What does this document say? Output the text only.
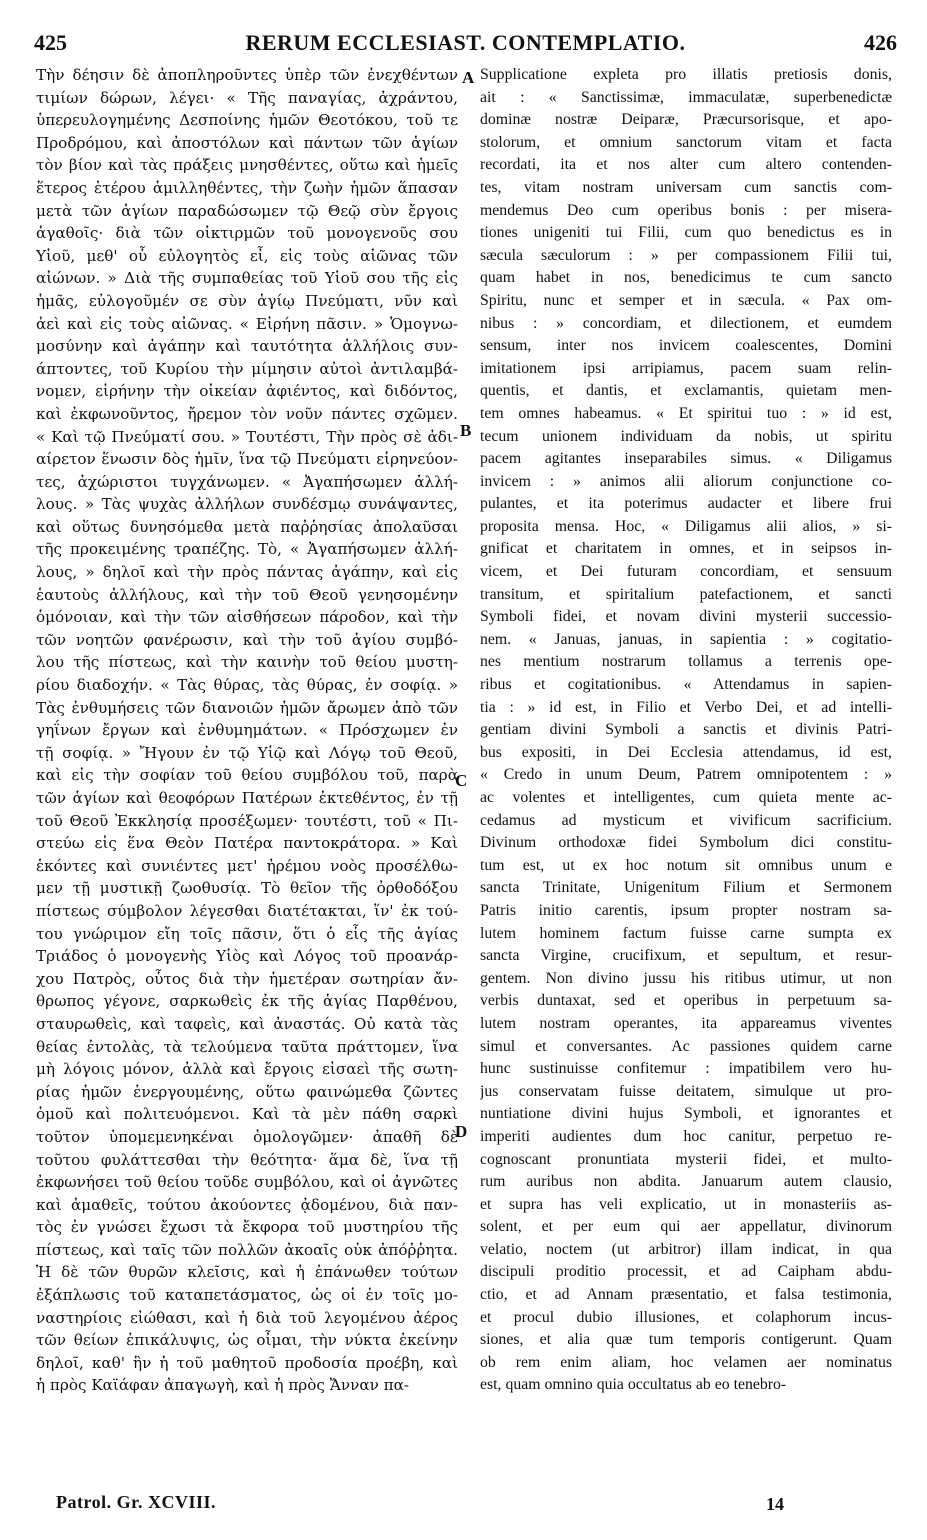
425	RERUM ECCLESIAST. CONTEMPLATIO.	426
Τὴν δέησιν δὲ ἀποπληροῦντες ὑπὲρ τῶν ἐνεχθέντων
τιμίων δώρων, λέγει· « Τῆς παναγίας, ἀχράντου,
ὑπερευλογημένης Δεσποίνης ἡμῶν Θεοτόκου, τοῦ τε
Προδρόμου, καὶ ἀποστόλων καὶ πάντων τῶν ἁγίων
τὸν βίον καὶ τὰς πράξεις μνησθέντες, οὕτω καὶ ἡμεῖς
ἕτερος ἑτέρου ἁμιλληθέντες, τὴν ζωὴν ἡμῶν ἅπασαν
μετὰ τῶν ἁγίων παραδώσωμεν τῷ Θεῷ σὺν ἔργοις
ἀγαθοῖς· διὰ τῶν οἰκτιρμῶν τοῦ μονογενοῦς σου
Υἱοῦ, μεθ' οὗ εὐλογητὸς εἶ, εἰς τοὺς αἰῶνας τῶν
αἰώνων. » Διὰ τῆς συμπαθείας τοῦ Υἱοῦ σου τῆς εἰς
ἡμᾶς, εὐλογοῦμέν σε σὺν ἁγίῳ Πνεύματι, νῦν καὶ
ἀεὶ καὶ εἰς τοὺς αἰῶνας. « Εἰρήνη πᾶσιν. » Ὁμογνω-
μοσύνην καὶ ἀγάπην καὶ ταυτότητα ἀλλήλοις συν-
άπτοντες, τοῦ Κυρίου τὴν μίμησιν αὐτοὶ ἀντιλαμβά-
νομεν, εἰρήνην τὴν οἰκείαν ἀφιέντος, καὶ διδόντος,
καὶ ἐκφωνοῦντος, ἤρεμον τὸν νοῦν πάντες σχῶμεν.
« Καὶ τῷ Πνεύματί σου. » Τουτέστι, Τὴν πρὸς σὲ ἀδι-
αίρετον ἕνωσιν δὸς ἡμῖν, ἵνα τῷ Πνεύματι εἰρηνεύον-
τες, ἀχώριστοι τυγχάνωμεν. « Ἀγαπήσωμεν ἀλλή-
λους. » Τὰς ψυχὰς ἀλλήλων συνδέσμῳ συνάψαντες,
καὶ οὕτως δυνησόμεθα μετὰ παῤῥησίας ἀπολαῦσαι
τῆς προκειμένης τραπέζης. Τὸ, « Ἀγαπήσωμεν ἀλλή-
λους, » δηλοῖ καὶ τὴν πρὸς πάντας ἀγάπην, καὶ εἰς
ἑαυτοὺς ἀλλήλους, καὶ τὴν τοῦ Θεοῦ γενησομένην
ὁμόνοιαν, καὶ τὴν τῶν αἰσθήσεων πάροδον, καὶ τὴν
τῶν νοητῶν φανέρωσιν, καὶ τὴν τοῦ ἁγίου συμβό-
λου τῆς πίστεως, καὶ τὴν καινὴν τοῦ θείου μυστη-
ρίου διαδοχήν. « Τὰς θύρας, τὰς θύρας, ἐν σοφίᾳ. »
Τὰς ἐνθυμήσεις τῶν διανοιῶν ἡμῶν ἄρωμεν ἀπὸ τῶν
γηΐνων ἔργων καὶ ἐνθυμημάτων. « Πρόσχωμεν ἐν
τῇ σοφίᾳ. » Ἤγουν ἐν τῷ Υἱῷ καὶ Λόγῳ τοῦ Θεοῦ,
καὶ εἰς τὴν σοφίαν τοῦ θείου συμβόλου τοῦ, παρὰ
τῶν ἁγίων καὶ θεοφόρων Πατέρων ἐκτεθέντος, ἐν τῇ
τοῦ Θεοῦ Ἐκκλησίᾳ προσέξωμεν· τουτέστι, τοῦ « Πι-
στεύω εἰς ἕνα Θεὸν Πατέρα παντοκράτορα. » Καὶ
ἑκόντες καὶ συνιέντες μετ' ἠρέμου νοὸς προσέλθω-
μεν τῇ μυστικῇ ζωοθυσίᾳ. Τὸ θεῖον τῆς ὀρθοδόξου
πίστεως σύμβολον λέγεσθαι διατέτακται, ἵν' ἐκ τού-
του γνώριμον εἴη τοῖς πᾶσιν, ὅτι ὁ εἷς τῆς ἁγίας
Τριάδος ὁ μονογενὴς Υἱὸς καὶ Λόγος τοῦ προανάρ-
χου Πατρὸς, οὗτος διὰ τὴν ἡμετέραν σωτηρίαν ἄν-
θρωπος γέγονε, σαρκωθεὶς ἐκ τῆς ἁγίας Παρθένου,
σταυρωθεὶς, καὶ ταφεὶς, καὶ ἀναστάς. Οὐ κατὰ τὰς
θείας ἐντολὰς, τὰ τελούμενα ταῦτα πράττομεν, ἵνα
μὴ λόγοις μόνον, ἀλλὰ καὶ ἔργοις εἰσαεὶ τῆς σωτη-
ρίας ἡμῶν ἐνεργουμένης, οὕτω φαινώμεθα ζῶντες
ὁμοῦ καὶ πολιτευόμενοι. Καὶ τὰ μὲν πάθη σαρκὶ
τοῦτον ὑπομεμενηκέναι ὁμολογῶμεν· ἀπαθῆ δὲ
τοῦτου φυλάττεσθαι τὴν θεότητα· ἅμα δὲ, ἵνα τῇ
ἐκφωνήσει τοῦ θείου τοῦδε συμβόλου, καὶ οἱ ἀγνῶτες
καὶ ἀμαθεῖς, τούτου ἀκούοντες ᾀδομένου, διὰ παν-
τὸς ἐν γνώσει ἔχωσι τὰ ἔκφορα τοῦ μυστηρίου τῆς
πίστεως, καὶ ταῖς τῶν πολλῶν ἀκοαῖς οὐκ ἀπόῤῥητα.
Ἡ δὲ τῶν θυρῶν κλεῖσις, καὶ ἡ ἐπάνωθεν τούτων
ἐξάπλωσις τοῦ καταπετάσματος, ὡς οἱ ἐν τοῖς μο-
ναστηρίοις εἰώθασι, καὶ ἡ διὰ τοῦ λεγομένου ἀέρος
τῶν θείων ἐπικάλυψις, ὡς οἶμαι, τὴν νύκτα ἐκείνην
δηλοῖ, καθ' ἣν ἡ τοῦ μαθητοῦ προδοσία προέβη, καὶ
ἡ πρὸς Καϊάφαν ἀπαγωγὴ, καὶ ἡ πρὸς Ἄνναν πα-
Supplicatione expleta pro illatis pretiosis donis,
ait : « Sanctissimæ, immaculatæ, superbenedictæ
dominæ nostræ Deiparæ, Præcursorisque, et apo-
stolorum, et omnium sanctorum vitam et facta
recordati, ita et nos alter cum altero contenden-
tes, vitam nostram universam cum sanctis com-
mendemus Deo cum operibus bonis : per misera-
tiones unigeniti tui Filii, cum quo benedictus es in
sæcula sæculorum : » per compassionem Filii tui,
quam habet in nos, benedicimus te cum sancto
Spiritu, nunc et semper et in sæcula. « Pax om-
nibus : » concordiam, et dilectionem, et eumdem
sensum, inter nos invicem coalescentes, Domini
imitationem ipsi arripiamus, pacem suam relin-
quentis, et dantis, et exclamantis, quietam men-
tem omnes habeamus. « Et spiritui tuo : » id est,
tecum unionem individuam da nobis, ut spiritu
pacem agitantes inseparabiles simus. « Diligamus
invicem : » animos alii aliorum conjunctione co-
pulantes, et ita poterimus audacter et libere frui
proposita mensa. Hoc, « Diligamus alii alios, » si-
gnificat et charitatem in omnes, et in seipsos in-
vicem, et Dei futuram concordiam, et sensuum
transitum, et spiritalium patefactionem, et sancti
Symboli fidei, et novam divini mysterii successio-
nem. « Januas, januas, in sapientia : » cogitatio-
nes mentium nostrarum tollamus a terrenis ope-
ribus et cogitationibus. « Attendamus in sapien-
tia : » id est, in Filio et Verbo Dei, et ad intelli-
gentiam divini Symboli a sanctis et divinis Patri-
bus expositi, in Dei Ecclesia attendamus, id est,
« Credo in unum Deum, Patrem omnipotentem : »
ac volentes et intelligentes, cum quieta mente ac-
cedamus ad mysticum et vivificum sacrificium.
Divinum orthodoxæ fidei Symbolum dici constitu-
tum est, ut ex hoc notum sit omnibus unum e
sancta Trinitate, Unigenitum Filium et Sermonem
Patris initio carentis, ipsum propter nostram sa-
lutem hominem factum fuisse carne sumpta ex
sancta Virgine, crucifixum, et sepultum, et resur-
gentem. Non divino jussu his ritibus utimur, ut non
verbis duntaxat, sed et operibus in perpetuum sa-
lutem nostram operantes, ita appareamus viventes
simul et conversantes. Ac passiones quidem carne
hunc sustinuisse confitemur : impatibilem vero hu-
jus conservatam fuisse deitatem, simulque ut pro-
nuntiatione divini hujus Symboli, et ignorantes et
imperiti audientes dum hoc canitur, perpetuo re-
cognoscant pronuntiata mysterii fidei, et multo-
rum auribus non abdita. Januarum autem clausio,
et supra has veli explicatio, ut in monasteriis as-
solent, et per eum qui aer appellatur, divinorum
velatio, noctem (ut arbitror) illam indicat, in qua
discipuli proditio processit, et ad Caipham abdu-
ctio, et ad Annam præsentatio, et falsa testimonia,
et procul dubio illusiones, et colaphorum incus-
siones, et alia quæ tum temporis contigerunt. Quam
ob rem enim aliam, hoc velamen aer nominatus
est, quam omnino quia occultatus ab eo tenebro-
A
B
C
D
Patrol. Gr. XCVIII.	14
